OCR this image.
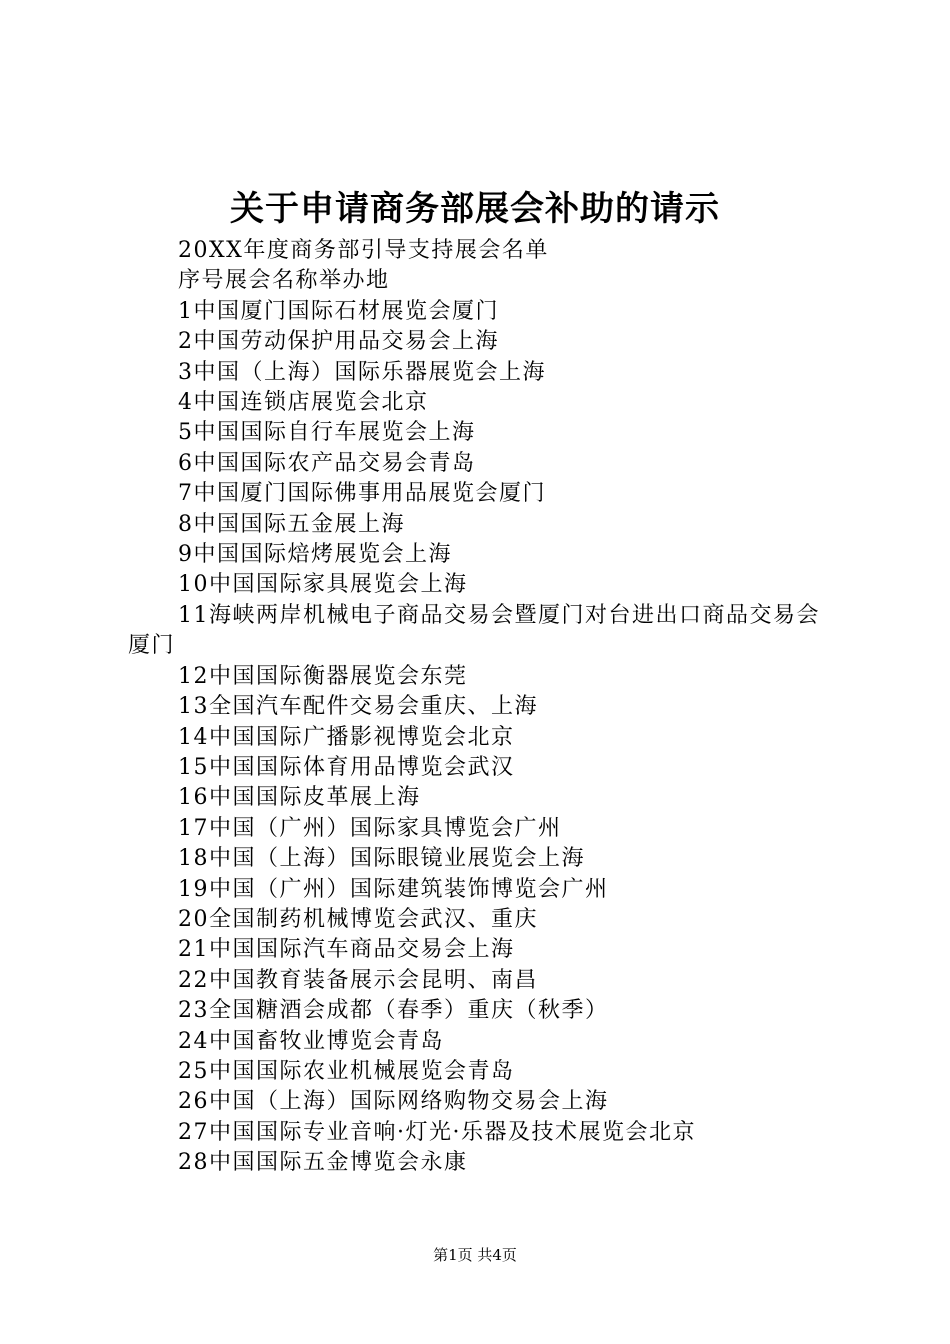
关于申请商务部展会补助的请示

20XX年度商务部引导支持展会名单

序号展会名称举办地

1中国厦门国际石材展览会厦门

2中国劳动保护用品交易会上海

3中国（上海）国际乐器展览会上海

4中国连锁店展览会北京

5中国国际自行车展览会上海

6中国国际农产品交易会青岛

7中国厦门国际佛事用品展览会厦门

8中国国际五金展上海

9中国国际焙烤展览会上海

10中国国际家具展览会上海

11海峡两岸机械电子商品交易会暨厦门对台进出口商品交易会厦门

12中国国际衡器展览会东莞

13全国汽车配件交易会重庆、上海

14中国国际广播影视博览会北京

15中国国际体育用品博览会武汉

16中国国际皮革展上海

17中国（广州）国际家具博览会广州

18中国（上海）国际眼镜业展览会上海

19中国（广州）国际建筑装饰博览会广州

20全国制药机械博览会武汉、重庆

21中国国际汽车商品交易会上海

22中国教育装备展示会昆明、南昌

23全国糖酒会成都（春季）重庆（秋季）

24中国畜牧业博览会青岛

25中国国际农业机械展览会青岛

26中国（上海）国际网络购物交易会上海

27中国国际专业音响·灯光·乐器及技术展览会北京

28中国国际五金博览会永康

第1页 共4页
